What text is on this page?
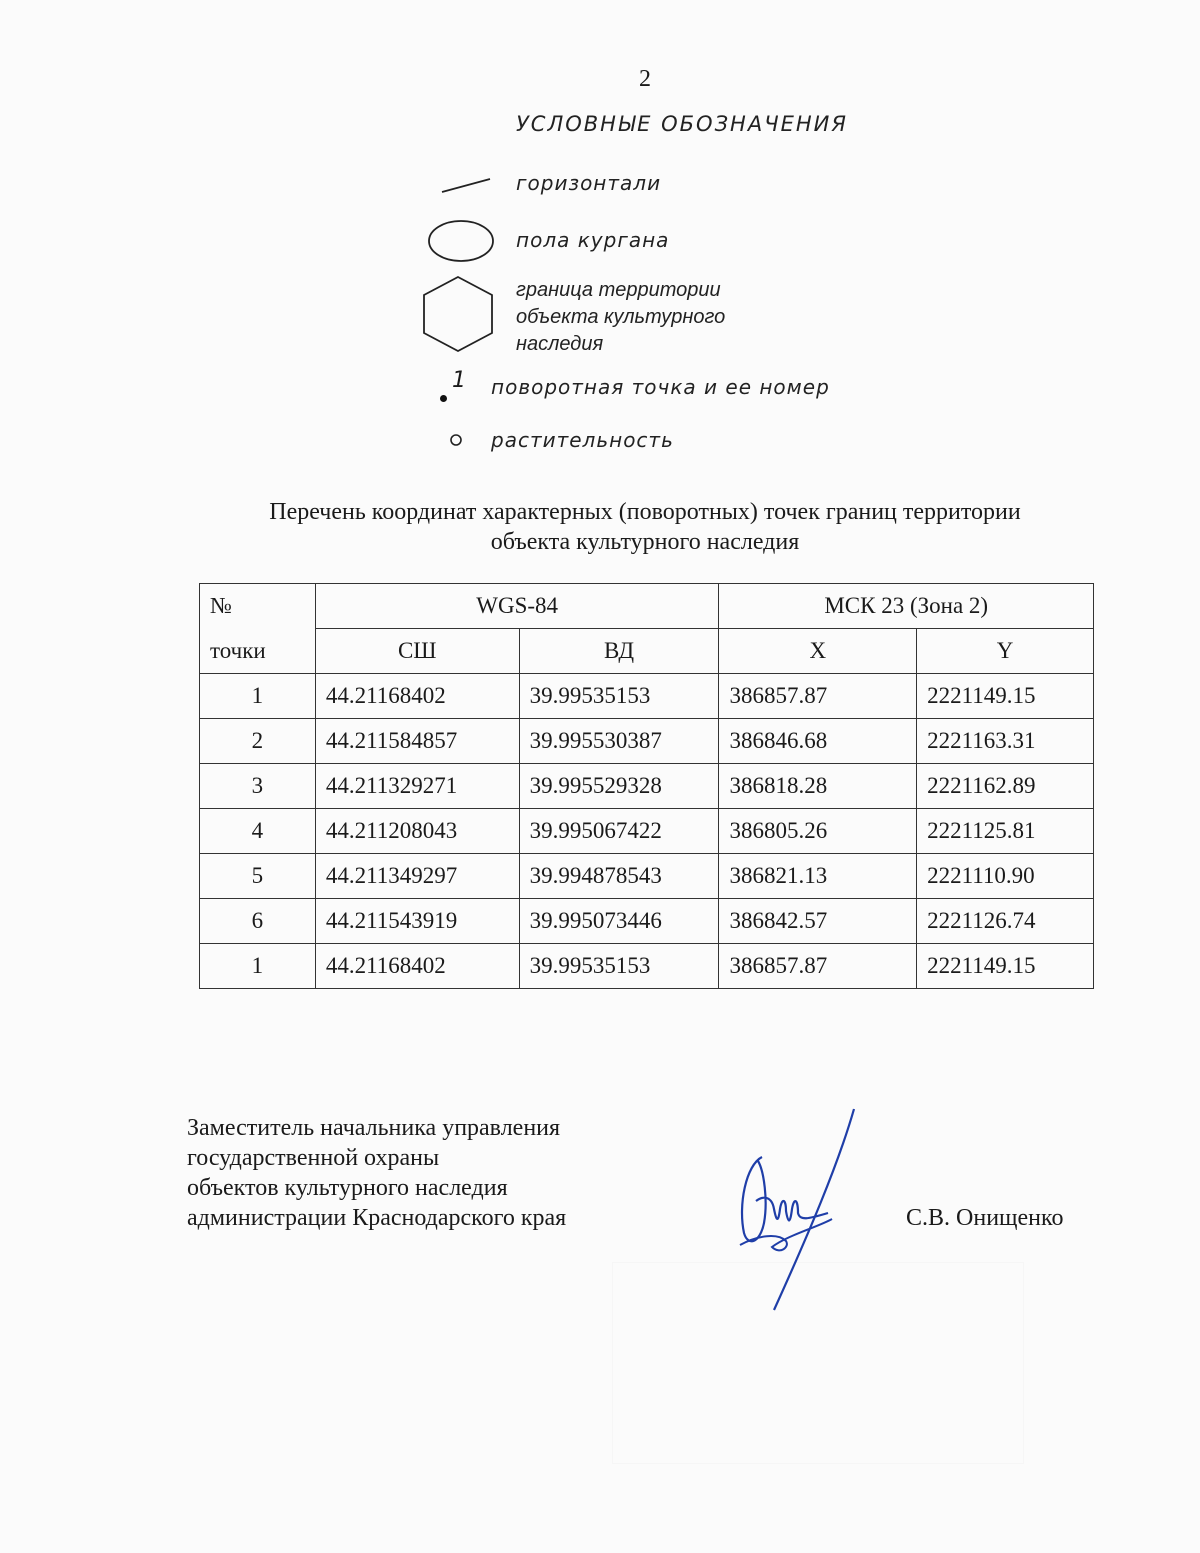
2
УСЛОВНЫЕ ОБОЗНАЧЕНИЯ
горизонтали
пола кургана
граница территории
объекта культурного
наследия
1 поворотная точка и ее номер
растительность
Перечень координат характерных (поворотных) точек границ территории
объекта культурного наследия
№	WGS-84		МСК 23 (Зона 2)	
точки	СШ	ВД	X	Y
1	44.21168402	39.99535153	386857.87	2221149.15
2	44.211584857	39.995530387	386846.68	2221163.31
3	44.211329271	39.995529328	386818.28	2221162.89
4	44.211208043	39.995067422	386805.26	2221125.81
5	44.211349297	39.994878543	386821.13	2221110.90
6	44.211543919	39.995073446	386842.57	2221126.74
1	44.21168402	39.99535153	386857.87	2221149.15
Заместитель начальника управления
государственной охраны
объектов культурного наследия
администрации Краснодарского края	С.В. Онищенко
